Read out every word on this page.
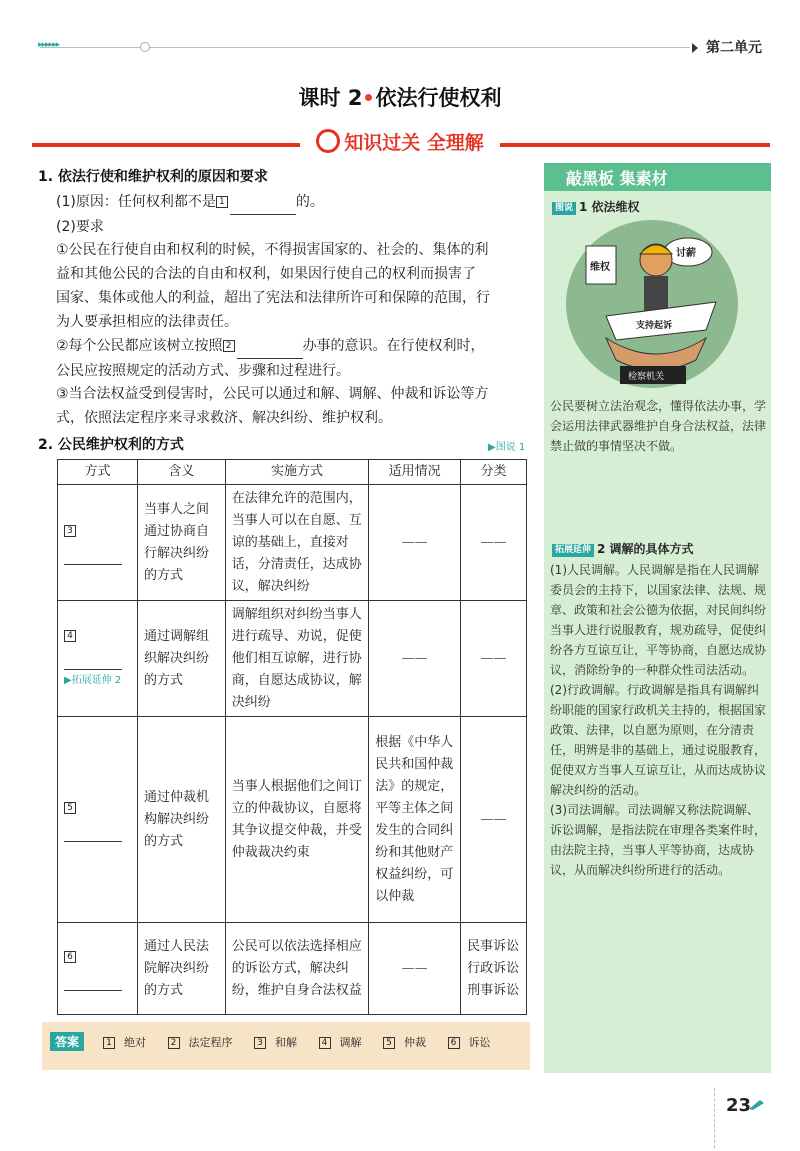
▸▸▸▸▸▸	第二单元
课时 2 依法行使权利
知识过关 全理解
1. 依法行使和维护权利的原因和要求
(1)原因：任何权利都不是 1	的。
(2)要求
①公民在行使自由和权利的时候，不得损害国家的、社会的、集体的利
益和其他公民的合法的自由和权利，如果因行使自己的权利而损害了
国家、集体或他人的利益，超出了宪法和法律所许可和保障的范围，行
为人要承担相应的法律责任。
②每个公民都应该树立按照 2	办事的意识。在行使权利时，
公民应按照规定的活动方式、步骤和过程进行。
③当合法权益受到侵害时，公民可以通过和解、调解、仲裁和诉讼等方
式，依照法定程序来寻求救济、解决纠纷、维护权利。
2. 公民维护权利的方式	▶图说 1
方式	含义	实施方式	适用情况	分类
3	当事人之间通过协商自行解决纠纷的方式	在法律允许的范围内，当事人可以在自愿、互谅的基础上，直接对话，分清责任，达成协议，解决纠纷	——	——

4
▶拓展延伸 2	通过调解组织解决纠纷的方式	调解组织对纠纷当事人进行疏导、劝说，促使他们相互谅解，进行协商，自愿达成协议，解决纠纷	——	——
5	通过仲裁机构解决纠纷的方式	当事人根据他们之间订立的仲裁协议，自愿将其争议提交仲裁，并受仲裁裁决约束	根据《中华人民共和国仲裁法》的规定，平等主体之间发生的合同纠纷和其他财产权益纠纷，可以仲裁	——
6	通过人民法院解决纠纷的方式	公民可以依法选择相应的诉讼方式，解决纠纷，维护自身合法权益	——	民事诉讼 行政诉讼 刑事诉讼
敲黑板 集素材
图说 1 依法维权
维权
讨薪
支持起诉
检察机关
公民要树立法治观念，懂得依法办事，学会运用法律武器维护自身合法权益，法律禁止做的事情坚决不做。
拓展延伸 2 调解的具体方式
(1)人民调解。人民调解是指在人民调解委员会的主持下，以国家法律、法规、规章、政策和社会公德为依据，对民间纠纷当事人进行说服教育，规劝疏导，促使纠纷各方互谅互让，平等协商，自愿达成协议，消除纷争的一种群众性司法活动。
(2)行政调解。行政调解是指具有调解纠纷职能的国家行政机关主持的，根据国家政策、法律，以自愿为原则，在分清责任，明辨是非的基础上，通过说服教育，促使双方当事人互谅互让，从而达成协议解决纠纷的活动。
(3)司法调解。司法调解又称法院调解、诉讼调解，是指法院在审理各类案件时，由法院主持，当事人平等协商，达成协议，从而解决纠纷所进行的活动。
答案	1 绝对	2 法定程序	3 和解	4 调解	5 仲裁	6 诉讼
23
